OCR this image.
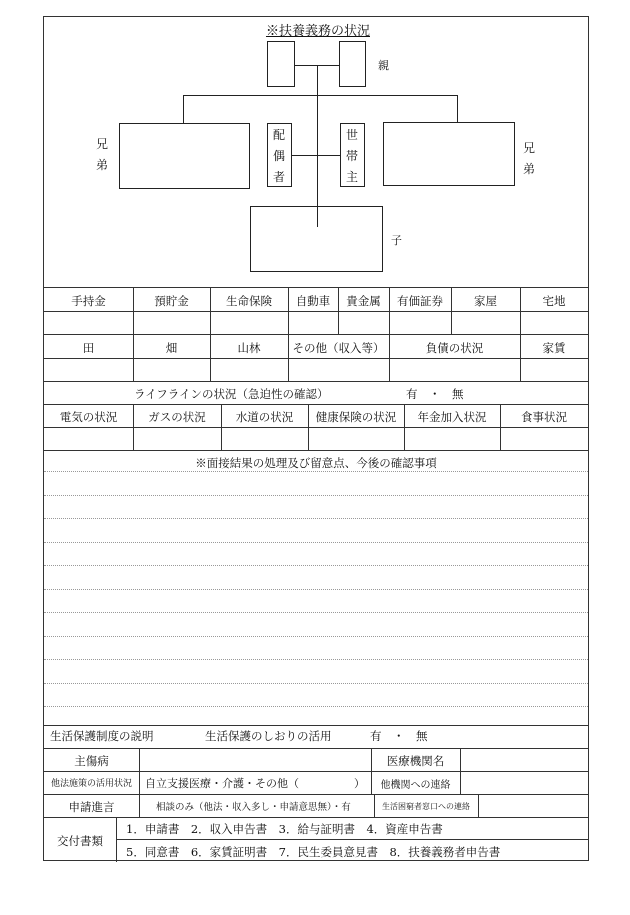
※扶養義務の状況
親
兄
弟
兄
弟
配
偶
者
世
帯
主
子
手持金	預貯金	生命保険	自動車	貴金属	有価証券	家屋	宅地
田	畑	山林	その他（収入等）	負債の状況	家賃
ライフラインの状況（急迫性の確認）	有　・　無
電気の状況	ガスの状況	水道の状況	健康保険の状況	年金加入状況	食事状況
※面接結果の処理及び留意点、今後の確認事項
生活保護制度の説明	生活保護のしおりの活用	有　・　無
主傷病	医療機関名
他法施策の活用状況	自立支援医療・介護・その他（　　　　　）	他機関への連絡
申請進言	相談のみ（他法・収入多し・申請意思無）・有	生活困窮者窓口への連絡
交付書類
1．申請書　2．収入申告書　3．給与証明書　4．資産申告書
5．同意書　6．家賃証明書　7．民生委員意見書　8．扶養義務者申告書
